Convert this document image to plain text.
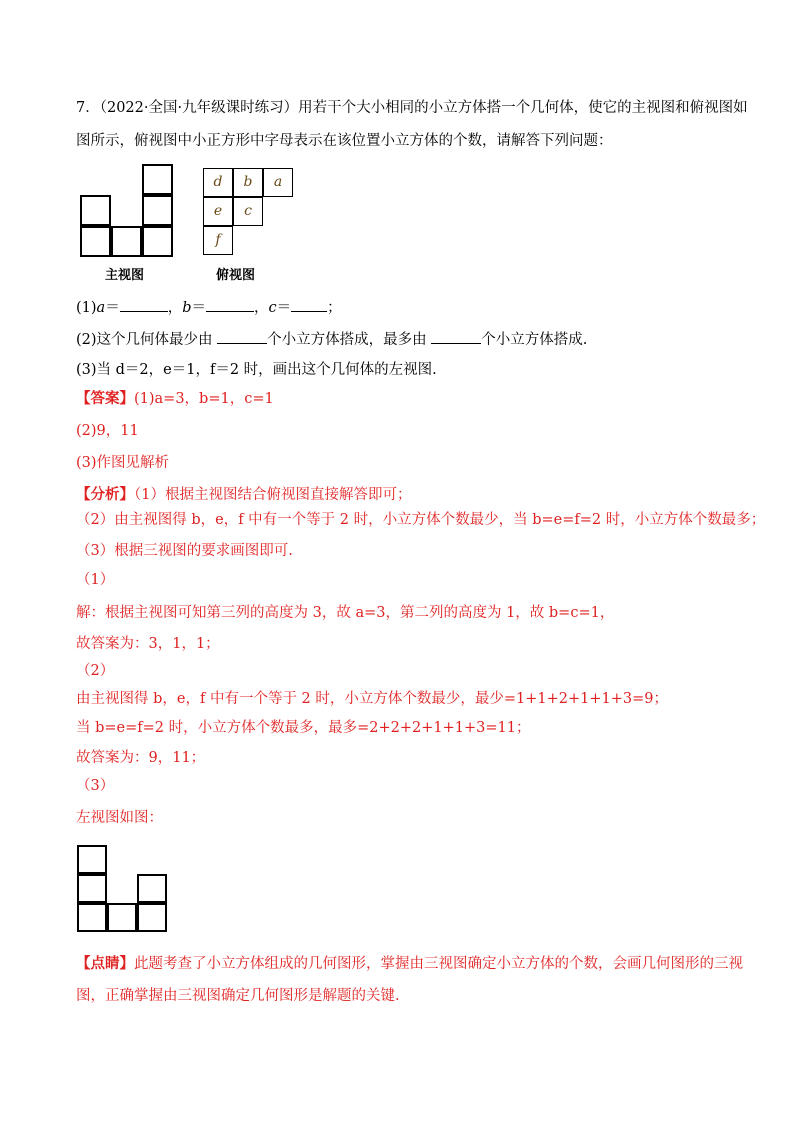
7．（2022·全国·九年级课时练习）用若干个大小相同的小立方体搭一个几何体，使它的主视图和俯视图如
图所示，俯视图中小正方形中字母表示在该位置小立方体的个数，请解答下列问题：
主视图
d	b	a
e	c
f
俯视图
(1)a＝	，b＝	，c＝ ；
(2)这个几何体最少由	个小立方体搭成，最多由	个小立方体搭成.
(3)当 d＝2，e＝1，f＝2 时，画出这个几何体的左视图.
【答案】(1)a=3，b=1，c=1
(2)9，11
(3)作图见解析
【分析】（1）根据主视图结合俯视图直接解答即可；
（2）由主视图得 b，e，f 中有一个等于 2 时，小立方体个数最少，当 b=e=f=2 时，小立方体个数最多；
（3）根据三视图的要求画图即可.
（1）
解：根据主视图可知第三列的高度为 3，故 a=3，第二列的高度为 1，故 b=c=1，
故答案为：3，1，1；
（2）
由主视图得 b，e，f 中有一个等于 2 时，小立方体个数最少，最少=1+1+2+1+1+3=9；
当 b=e=f=2 时，小立方体个数最多，最多=2+2+2+1+1+3=11；
故答案为：9，11；
（3）
左视图如图：
【点睛】此题考查了小立方体组成的几何图形，掌握由三视图确定小立方体的个数，会画几何图形的三视
图，正确掌握由三视图确定几何图形是解题的关键.
